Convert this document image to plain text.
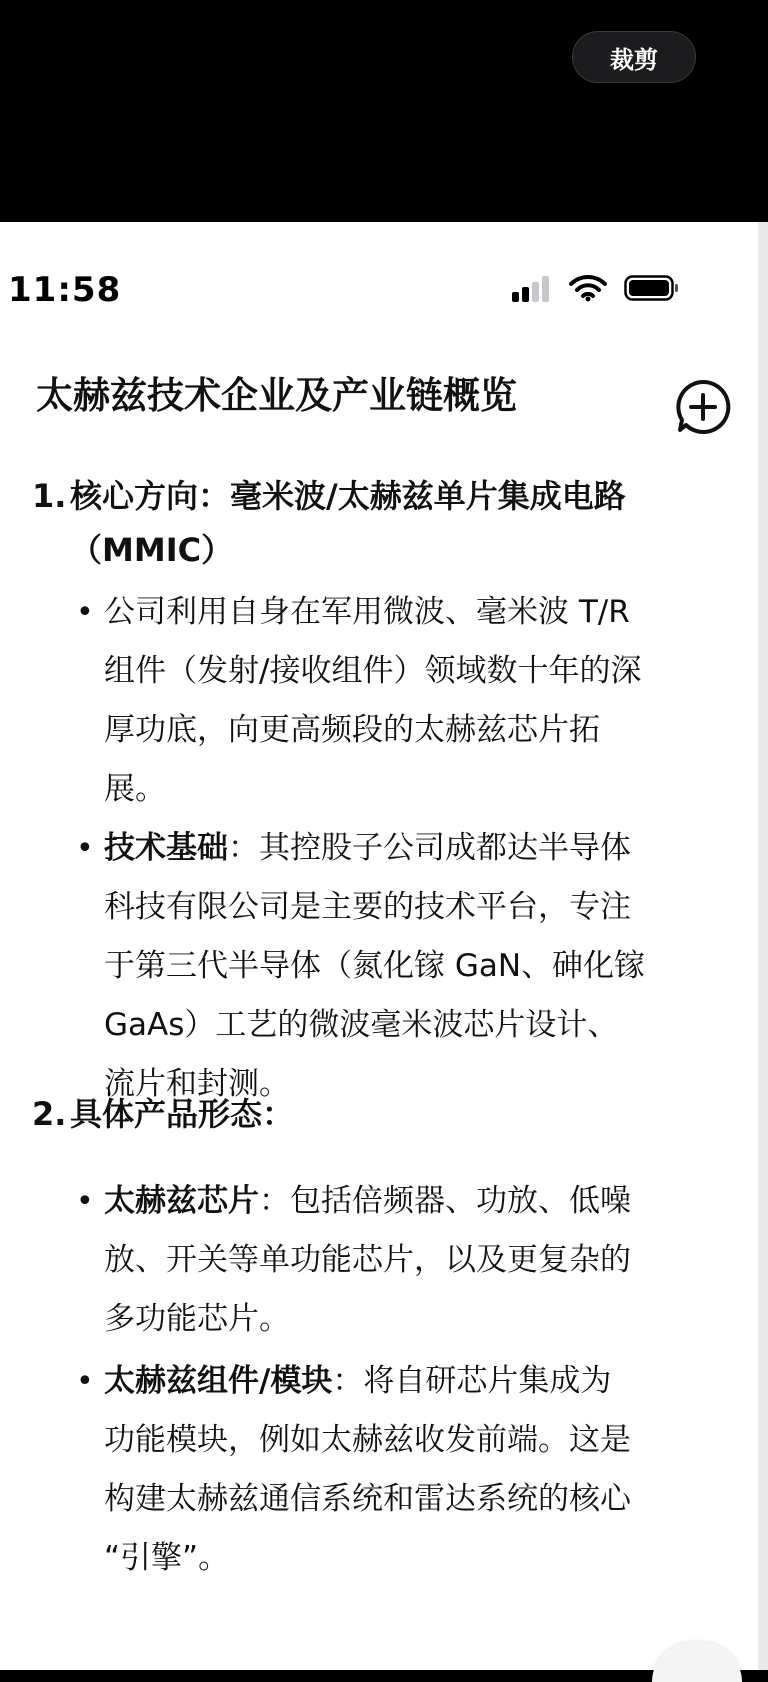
裁剪
11:58
太赫兹技术企业及产业链概览
1. 核心方向：毫米波/太赫兹单片集成电路
（MMIC）
• 公司利用自身在军用微波、毫米波 T/R
组件（发射/接收组件）领域数十年的深
厚功底，向更高频段的太赫兹芯片拓
展。
• 技术基础：其控股子公司成都达半导体
科技有限公司是主要的技术平台，专注
于第三代半导体（氮化镓 GaN、砷化镓
GaAs）工艺的微波毫米波芯片设计、
流片和封测。
2. 具体产品形态：
• 太赫兹芯片：包括倍频器、功放、低噪
放、开关等单功能芯片，以及更复杂的
多功能芯片。
• 太赫兹组件/模块：将自研芯片集成为
功能模块，例如太赫兹收发前端。这是
构建太赫兹通信系统和雷达系统的核心
“引擎”。
